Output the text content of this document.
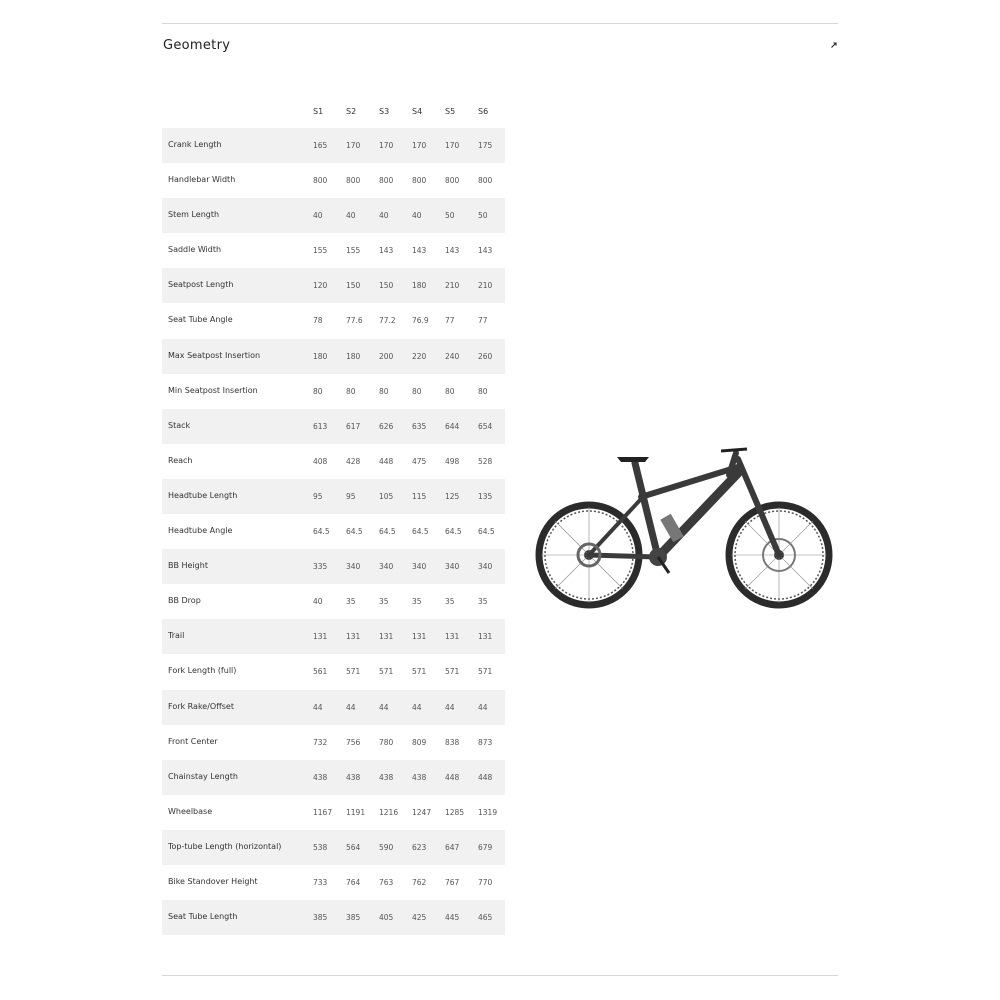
Geometry
S1	S2	S3	S4	S5	S6
Crank Length	165 170 170 170 170 175
Handlebar Width	800 800 800 800 800 800
Stem Length	40	40	40	40	50	50
Saddle Width	155 155 143 143 143 143
Seatpost Length	120 150 150 180 210 210
Seat Tube Angle	78	77.6 77.2 76.9 77	77
Max Seatpost Insertion	180 180 200 220 240 260
Min Seatpost Insertion	80	80	80	80	80	80
Stack	613 617 626 635 644 654
Reach	408 428 448 475 498 528
Headtube Length	95	95	105 115 125 135
Headtube Angle	64.5 64.5 64.5 64.5 64.5 64.5
BB Height	335 340 340 340 340 340
BB Drop	40	35	35	35	35	35
Trail	131 131 131 131 131 131
Fork Length (full)	561 571 571 571 571 571
Fork Rake/Offset	44	44	44	44	44	44
Front Center	732 756 780 809 838 873
Chainstay Length	438 438 438 438 448 448
Wheelbase	1167 1191 1216 1247 1285 1319
Top-tube Length (horizontal)	538 564 590 623 647 679
Bike Standover Height	733 764 763 762 767 770
Seat Tube Length	385 385 405 425 445 465
